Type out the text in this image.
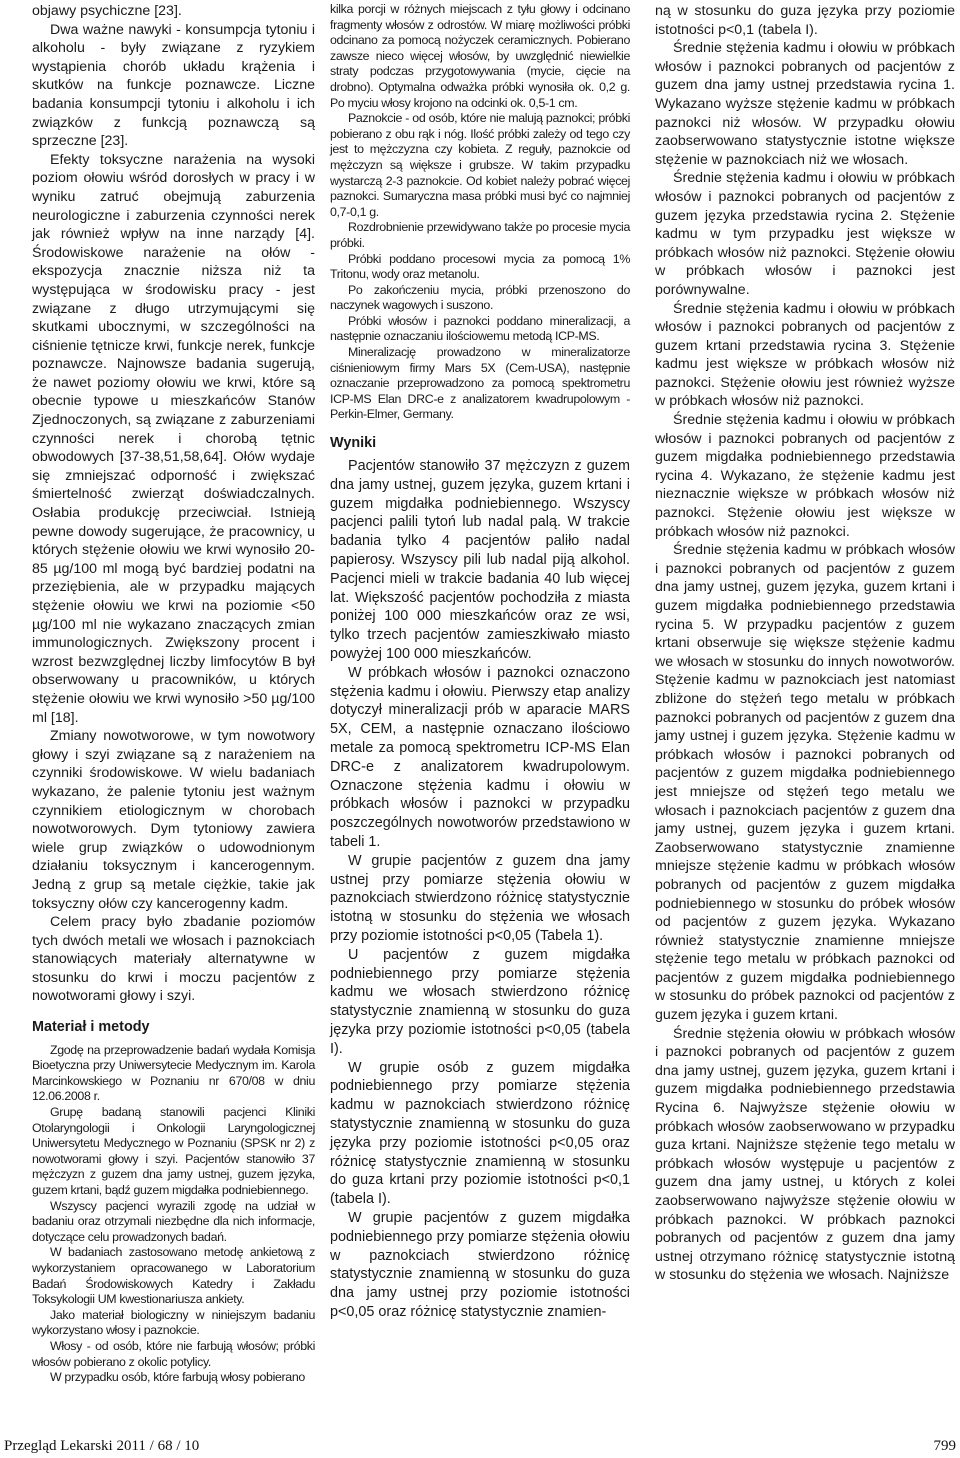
objawy psychiczne [23].

Dwa ważne nawyki - konsumpcja tytoniu i alkoholu - były związane z ryzykiem wystąpienia chorób układu krążenia i skutków na funkcje poznawcze. Liczne badania konsumpcji tytoniu i alkoholu i ich związków z funkcją poznawczą są sprzeczne [23].

Efekty toksyczne narażenia na wysoki poziom ołowiu wśród dorosłych w pracy i w wyniku zatruć obejmują zaburzenia neurologiczne i zaburzenia czynności nerek jak również wpływ na inne narządy [4]. Środowiskowe narażenie na ołów - ekspozycja znacznie niższa niż ta występująca w środowisku pracy - jest związane z długo utrzymującymi się skutkami ubocznymi, w szczególności na ciśnienie tętnicze krwi, funkcje nerek, funkcje poznawcze. Najnowsze badania sugerują, że nawet poziomy ołowiu we krwi, które są obecnie typowe u mieszkańców Stanów Zjednoczonych, są związane z zaburzeniami czynności nerek i chorobą tętnic obwodowych [37-38,51,58,64]. Ołów wydaje się zmniejszać odporność i zwiększać śmiertelność zwierząt doświadczalnych. Osłabia produkcję przeciwciał. Istnieją pewne dowody sugerujące, że pracownicy, u których stężenie ołowiu we krwi wynosiło 20-85 µg/100 ml mogą być bardziej podatni na przeziębienia, ale w przypadku mających stężenie ołowiu we krwi na poziomie <50 µg/100 ml nie wykazano znaczących zmian immunologicznych. Zwiększony procent i wzrost bezwzględnej liczby limfocytów B był obserwowany u pracowników, u których stężenie ołowiu we krwi wynosiło >50 µg/100 ml [18].

Zmiany nowotworowe, w tym nowotwory głowy i szyi związane są z narażeniem na czynniki środowiskowe. W wielu badaniach wykazano, że palenie tytoniu jest ważnym czynnikiem etiologicznym w chorobach nowotworowych. Dym tytoniowy zawiera wiele grup związków o udowodnionym działaniu toksycznym i kancerogennym. Jedną z grup są metale ciężkie, takie jak toksyczny ołów czy kancerogenny kadm.

Celem pracy było zbadanie poziomów tych dwóch metali we włosach i paznokciach stanowiących materiały alternatywne w stosunku do krwi i moczu pacjentów z nowotworami głowy i szyi.

Materiał i metody

Zgodę na przeprowadzenie badań wydała Komisja Bioetyczna przy Uniwersytecie Medycznym im. Karola Marcinkowskiego w Poznaniu nr 670/08 w dniu 12.06.2008 r.

Grupę badaną stanowili pacjenci Kliniki Otolaryngologii i Onkologii Laryngologicznej Uniwersytetu Medycznego w Poznaniu (SPSK nr 2) z nowotworami głowy i szyi. Pacjentów stanowiło 37 mężczyzn z guzem dna jamy ustnej, guzem języka, guzem krtani, bądź guzem migdałka podniebiennego.

Wszyscy pacjenci wyrazili zgodę na udział w badaniu oraz otrzymali niezbędne dla nich informacje, dotyczące celu prowadzonych badań.

W badaniach zastosowano metodę ankietową z wykorzystaniem opracowanego w Laboratorium Badań Środowiskowych Katedry i Zakładu Toksykologii UM kwestionariusza ankiety.

Jako materiał biologiczny w niniejszym badaniu wykorzystano włosy i paznokcie.

Włosy - od osób, które nie farbują włosów; próbki włosów pobierano z okolic potylicy.

W przypadku osób, które farbują włosy pobierano

kilka porcji w różnych miejscach z tyłu głowy i odcinano fragmenty włosów z odrostów. W miarę możliwości próbki odcinano za pomocą nożyczek ceramicznych. Pobierano zawsze nieco więcej włosów, by uwzględnić niewielkie straty podczas przygotowywania (mycie, cięcie na drobno). Optymalna odważka próbki wynosiła ok. 0,2 g. Po myciu włosy krojono na odcinki ok. 0,5-1 cm.

Paznokcie - od osób, które nie malują paznokci; próbki pobierano z obu rąk i nóg. Ilość próbki zależy od tego czy jest to mężczyzna czy kobieta. Z reguły, paznokcie od mężczyzn są większe i grubsze. W takim przypadku wystarczą 2-3 paznokcie. Od kobiet należy pobrać więcej paznokci. Sumaryczna masa próbki musi być co najmniej 0,7-0,1 g.

Rozdrobnienie przewidywano także po procesie mycia próbki.

Próbki poddano procesowi mycia za pomocą 1% Tritonu, wody oraz metanolu.

Po zakończeniu mycia, próbki przenoszono do naczynek wagowych i suszono.

Próbki włosów i paznokci poddano mineralizacji, a następnie oznaczaniu ilościowemu metodą ICP-MS.

Mineralizację prowadzono w mineralizatorze ciśnieniowym firmy Mars 5X (Cem-USA), następnie oznaczanie przeprowadzono za pomocą spektrometru ICP-MS Elan DRC-e z analizatorem kwadrupolowym - Perkin-Elmer, Germany.

Wyniki

Pacjentów stanowiło 37 mężczyzn z guzem dna jamy ustnej, guzem języka, guzem krtani i guzem migdałka podniebiennego. Wszyscy pacjenci palili tytoń lub nadal palą. W trakcie badania tylko 4 pacjentów paliło nadal papierosy. Wszyscy pili lub nadal piją alkohol. Pacjenci mieli w trakcie badania 40 lub więcej lat. Większość pacjentów pochodziła z miasta poniżej 100 000 mieszkańców oraz ze wsi, tylko trzech pacjentów zamieszkiwało miasto powyżej 100 000 mieszkańców.

W próbkach włosów i paznokci oznaczono stężenia kadmu i ołowiu. Pierwszy etap analizy dotyczył mineralizacji prób w aparacie MARS 5X, CEM, a następnie oznaczano ilościowo metale za pomocą spektrometru ICP-MS Elan DRC-e z analizatorem kwadrupolowym. Oznaczone stężenia kadmu i ołowiu w próbkach włosów i paznokci w przypadku poszczególnych nowotworów przedstawiono w tabeli 1.

W grupie pacjentów z guzem dna jamy ustnej przy pomiarze stężenia ołowiu w paznokciach stwierdzono różnicę statystycznie istotną w stosunku do stężenia we włosach przy poziomie istotności p<0,05 (Tabela 1).

U pacjentów z guzem migdałka podniebiennego przy pomiarze stężenia kadmu we włosach stwierdzono różnicę statystycznie znamienną w stosunku do guza języka przy poziomie istotności p<0,05 (tabela I).

W grupie osób z guzem migdałka podniebiennego przy pomiarze stężenia kadmu w paznokciach stwierdzono różnicę statystycznie znamienną w stosunku do guza języka przy poziomie istotności p<0,05 oraz różnicę statystycznie znamienną w stosunku do guza krtani przy poziomie istotności p<0,1 (tabela I).

W grupie pacjentów z guzem migdałka podniebiennego przy pomiarze stężenia ołowiu w paznokciach stwierdzono różnicę statystycznie znamienną w stosunku do guza dna jamy ustnej przy poziomie istotności p<0,05 oraz różnicę statystycznie znamien-

ną w stosunku do guza języka przy poziomie istotności p<0,1 (tabela I).

Średnie stężenia kadmu i ołowiu w próbkach włosów i paznokci pobranych od pacjentów z guzem dna jamy ustnej przedstawia rycina 1. Wykazano wyższe stężenie kadmu w próbkach paznokci niż włosów. W przypadku ołowiu zaobserwowano statystycznie istotne większe stężenie w paznokciach niż we włosach.

Średnie stężenia kadmu i ołowiu w próbkach włosów i paznokci pobranych od pacjentów z guzem języka przedstawia rycina 2. Stężenie kadmu w tym przypadku jest większe w próbkach włosów niż paznokci. Stężenie ołowiu w próbkach włosów i paznokci jest porównywalne.

Średnie stężenia kadmu i ołowiu w próbkach włosów i paznokci pobranych od pacjentów z guzem krtani przedstawia rycina 3. Stężenie kadmu jest większe w próbkach włosów niż paznokci. Stężenie ołowiu jest również wyższe w próbkach włosów niż paznokci.

Średnie stężenia kadmu i ołowiu w próbkach włosów i paznokci pobranych od pacjentów z guzem migdałka podniebiennego przedstawia rycina 4. Wykazano, że stężenie kadmu jest nieznacznie większe w próbkach włosów niż paznokci. Stężenie ołowiu jest większe w próbkach włosów niż paznokci.

Średnie stężenia kadmu w próbkach włosów i paznokci pobranych od pacjentów z guzem dna jamy ustnej, guzem języka, guzem krtani i guzem migdałka podniebiennego przedstawia rycina 5. W przypadku pacjentów z guzem krtani obserwuje się większe stężenie kadmu we włosach w stosunku do innych nowotworów. Stężenie kadmu w paznokciach jest natomiast zbliżone do stężeń tego metalu w próbkach paznokci pobranych od pacjentów z guzem dna jamy ustnej i guzem języka. Stężenie kadmu w próbkach włosów i paznokci pobranych od pacjentów z guzem migdałka podniebiennego jest mniejsze od stężeń tego metalu we włosach i paznokciach pacjentów z guzem dna jamy ustnej, guzem języka i guzem krtani. Zaobserwowano statystycznie znamienne mniejsze stężenie kadmu w próbkach włosów pobranych od pacjentów z guzem migdałka podniebiennego w stosunku do próbek włosów od pacjentów z guzem języka. Wykazano również statystycznie znamienne mniejsze stężenie tego metalu w próbkach paznokci od pacjentów z guzem migdałka podniebiennego w stosunku do próbek paznokci od pacjentów z guzem języka i guzem krtani.

Średnie stężenia ołowiu w próbkach włosów i paznokci pobranych od pacjentów z guzem dna jamy ustnej, guzem języka, guzem krtani i guzem migdałka podniebiennego przedstawia Rycina 6. Najwyższe stężenie ołowiu w próbkach włosów zaobserwowano w przypadku guza krtani. Najniższe stężenie tego metalu w próbkach włosów występuje u pacjentów z guzem dna jamy ustnej, u których z kolei zaobserwowano najwyższe stężenie ołowiu w próbkach paznokci. W próbkach paznokci pobranych od pacjentów z guzem dna jamy ustnej otrzymano różnicę statystycznie istotną w stosunku do stężenia we włosach. Najniższe

Przegląd Lekarski 2011 / 68 / 10	799
